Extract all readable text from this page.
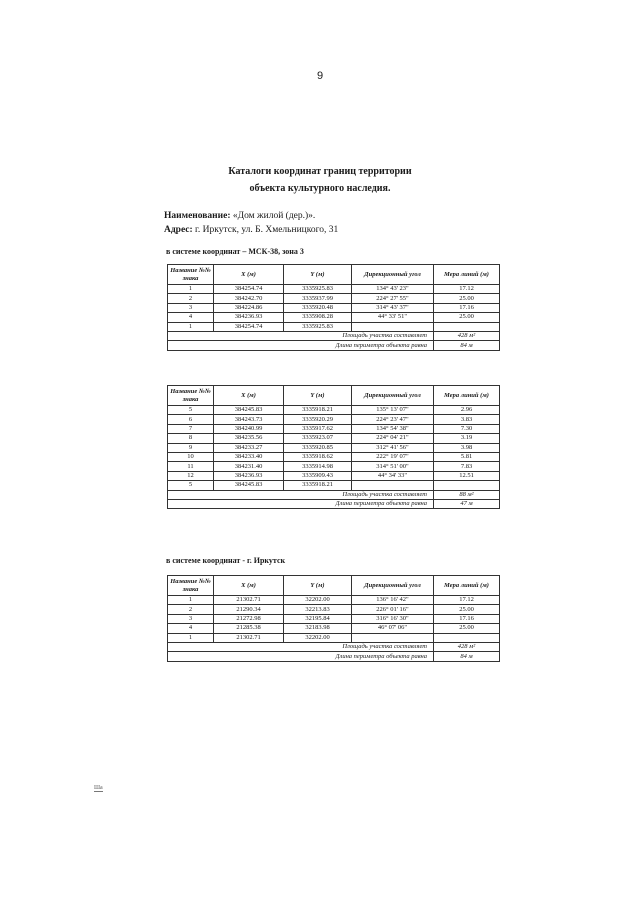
9
Каталоги координат границ территории
объекта культурного наследия.
Наименование: «Дом жилой (дер.)».
Адрес: г. Иркутск, ул. Б. Хмельницкого, 31
в системе координат – МСК-38, зона 3
Название №№ знака	X (м)	Y (м)	Дирекционный угол	Мера линий (м)
1	384254.74	3335925.83	134° 43' 23"	17.12
2	384242.70	3335937.99	224° 27' 55"	25.00
3	384224.86	3335920.48	314° 43' 37"	17.16
4	384236.93	3335908.28	44° 33' 51"	25.00
1	384254.74	3335925.83		
Площадь участка составляет				428 м²
Длина периметра объекта равна				84 м
Название №№ знака	X (м)	Y (м)	Дирекционный угол	Мера линий (м)
5	384245.83	3335918.21	135° 13' 07"	2.96
6	384243.73	3335920.29	224° 23' 47"	3.83
7	384240.99	3335917.62	134° 54' 38"	7.30
8	384235.56	3335923.07	224° 04' 21"	3.19
9	384233.27	3335920.85	312° 41' 56"	3.98
10	384233.40	3335918.62	222° 19' 07"	5.81
11	384231.40	3335914.98	314° 51' 00"	7.83
12	384236.93	3335909.43	44° 34' 33"	12.51
5	384245.83	3335918.21		
Площадь участка составляет				88 м²
Длина периметра объекта равна				47 м
в системе координат - г. Иркутск
Название №№ знака	X (м)	Y (м)	Дирекционный угол	Мера линий (м)
1	21302.71	32202.00	136° 16' 42"	17.12
2	21290.34	32213.83	226° 01' 16"	25.00
3	21272.98	32195.84	316° 16' 30"	17.16
4	21285.38	32183.98	46° 07' 06"	25.00
1	21302.71	32202.00		
Площадь участка составляет				428 м²
Длина периметра объекта равна				84 м
Ша
